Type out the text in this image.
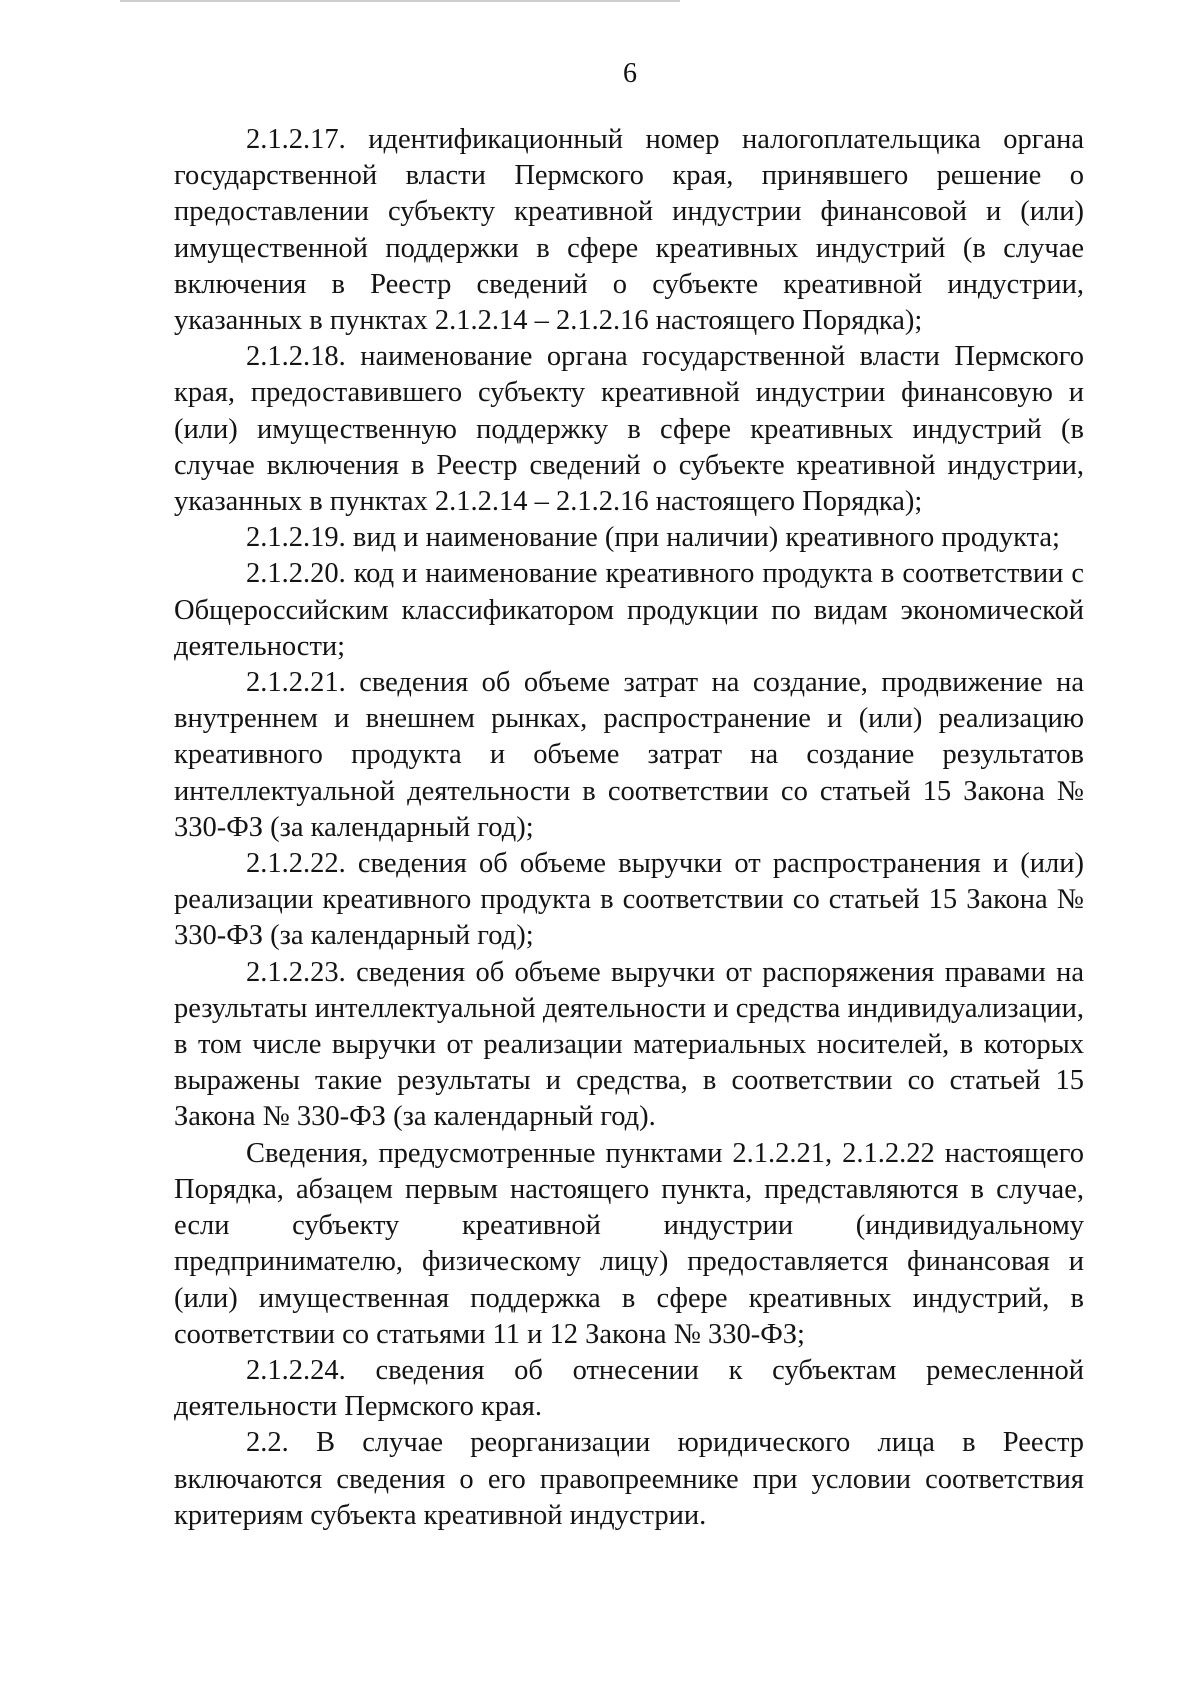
6

2.1.2.17. идентификационный номер налогоплательщика органа государственной власти Пермского края, принявшего решение о предоставлении субъекту креативной индустрии финансовой и (или) имущественной поддержки в сфере креативных индустрий (в случае включения в Реестр сведений о субъекте креативной индустрии, указанных в пунктах 2.1.2.14 – 2.1.2.16 настоящего Порядка);

2.1.2.18. наименование органа государственной власти Пермского края, предоставившего субъекту креативной индустрии финансовую и (или) имущественную поддержку в сфере креативных индустрий (в случае включения в Реестр сведений о субъекте креативной индустрии, указанных в пунктах 2.1.2.14 – 2.1.2.16 настоящего Порядка);

2.1.2.19. вид и наименование (при наличии) креативного продукта;

2.1.2.20. код и наименование креативного продукта в соответствии с Общероссийским классификатором продукции по видам экономической деятельности;

2.1.2.21. сведения об объеме затрат на создание, продвижение на внутреннем и внешнем рынках, распространение и (или) реализацию креативного продукта и объеме затрат на создание результатов интеллектуальной деятельности в соответствии со статьей 15 Закона № 330-ФЗ (за календарный год);

2.1.2.22. сведения об объеме выручки от распространения и (или) реализации креативного продукта в соответствии со статьей 15 Закона № 330-ФЗ (за календарный год);

2.1.2.23. сведения об объеме выручки от распоряжения правами на результаты интеллектуальной деятельности и средства индивидуализации, в том числе выручки от реализации материальных носителей, в которых выражены такие результаты и средства, в соответствии со статьей 15 Закона № 330-ФЗ (за календарный год).

Сведения, предусмотренные пунктами 2.1.2.21, 2.1.2.22 настоящего Порядка, абзацем первым настоящего пункта, представляются в случае, если субъекту креативной индустрии (индивидуальному предпринимателю, физическому лицу) предоставляется финансовая и (или) имущественная поддержка в сфере креативных индустрий, в соответствии со статьями 11 и 12 Закона № 330-ФЗ;

2.1.2.24. сведения об отнесении к субъектам ремесленной деятельности Пермского края.

2.2. В случае реорганизации юридического лица в Реестр включаются сведения о его правопреемнике при условии соответствия критериям субъекта креативной индустрии.
